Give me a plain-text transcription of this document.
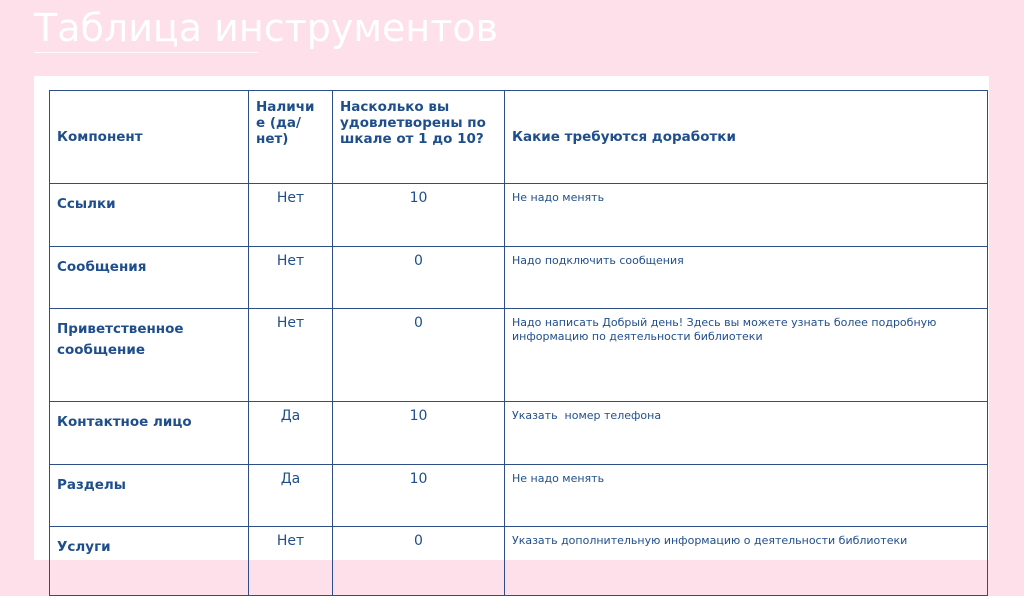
Таблица инструментов
Компонент	Наличи е (да/ нет)	Насколько вы удовлетворены по шкале от 1 до 10?	Какие требуются доработки
Ссылки	Нет	10	Не надо менять
Сообщения	Нет	0	Надо подключить сообщения
Приветственное сообщение	Нет	0	Надо написать Добрый день! Здесь вы можете узнать более подробную информацию по деятельности библиотеки
Контактное лицо	Да	10	Указать  номер телефона
Разделы	Да	10	Не надо менять
Услуги	Нет	0	Указать дополнительную информацию о деятельности библиотеки
